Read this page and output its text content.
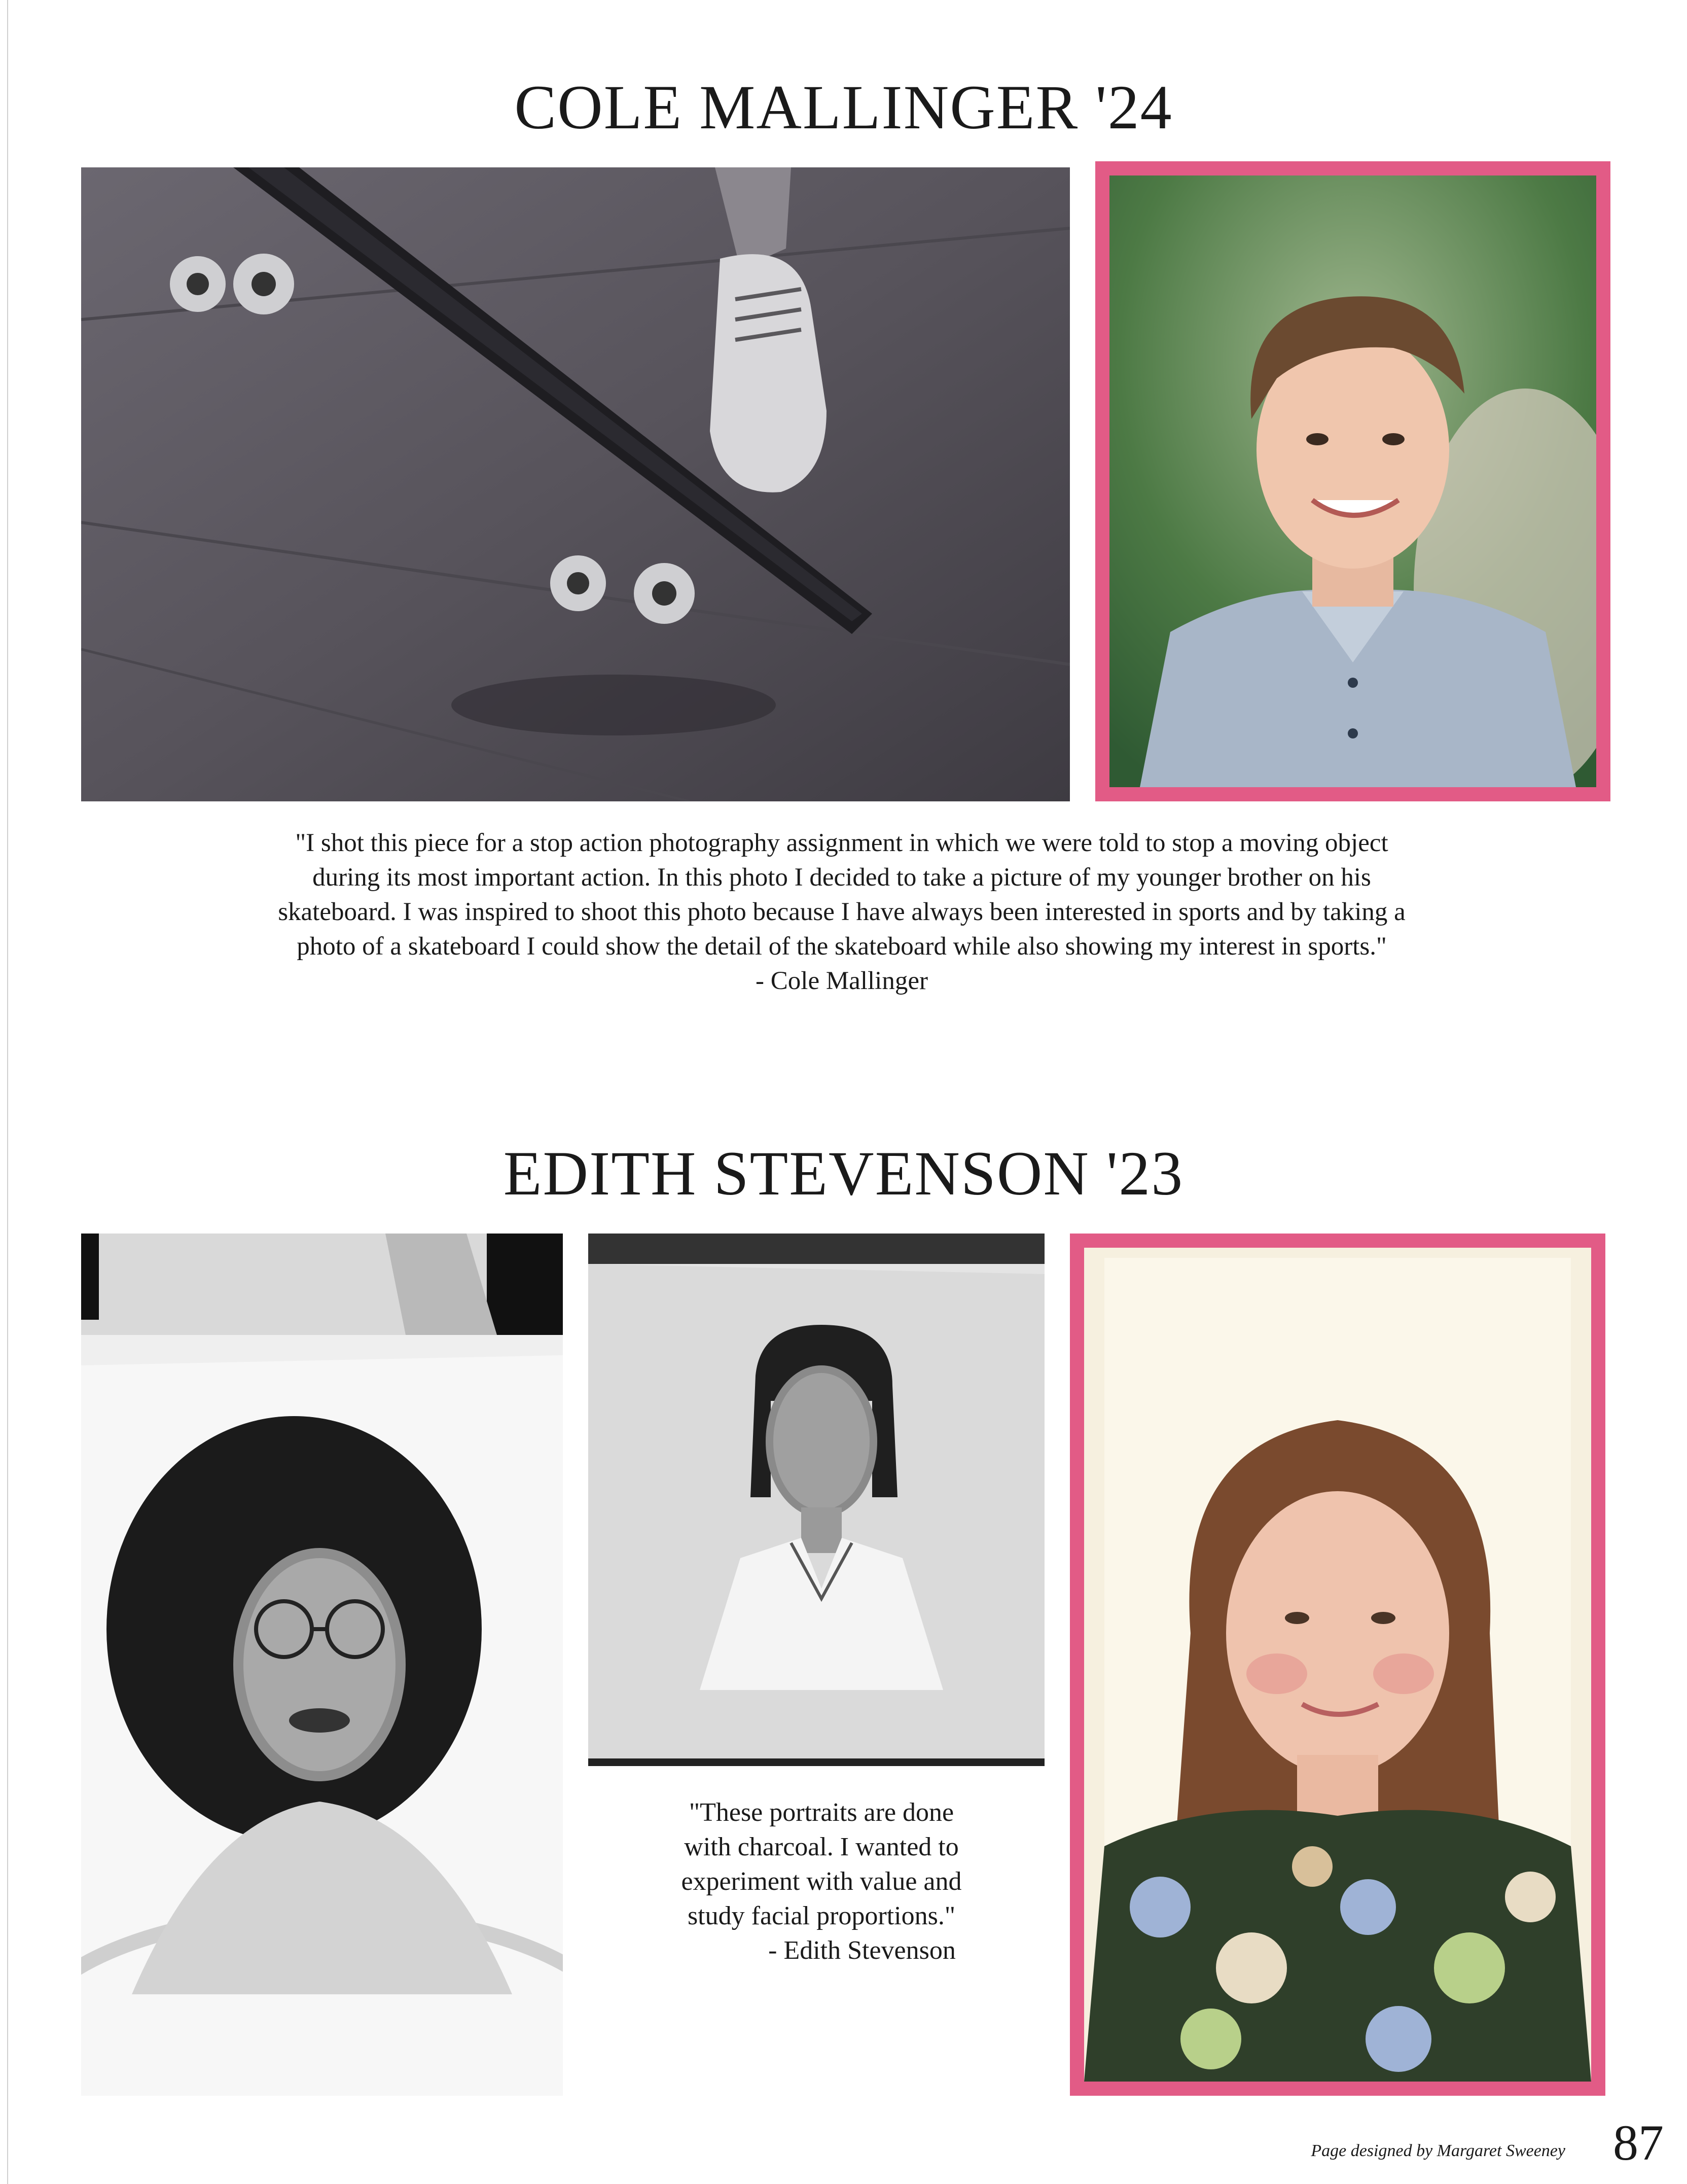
COLE MALLINGER '24

"I shot this piece for a stop action photography assignment in which we were told to stop a moving object

during its most important action. In this photo I decided to take a picture of my younger brother on his

skateboard. I was inspired to shoot this photo because I have always been interested in sports and by taking a

photo of a skateboard I could show the detail of the skateboard while also showing my interest in sports."

- Cole Mallinger

EDITH STEVENSON '23

"These portraits are done

with charcoal. I wanted to

experiment with value and

study facial proportions."

- Edith Stevenson

Page designed by Margaret Sweeney 87
